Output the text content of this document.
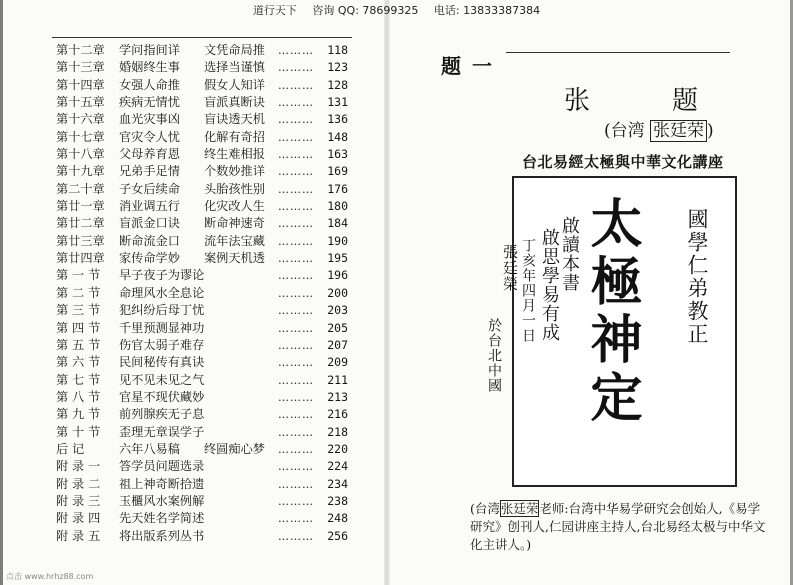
道行天下 咨询 QQ: 78699325 电话: 13833387384
第十二章 学问指间详 文凭命局推 ……… 118
第十三章 婚姻终生事 选择当谨慎 ……… 123
第十四章 女强人命推 假女人知详 ……… 128
第十五章 疾病无情忧 盲派真断诀 ……… 131
第十六章 血光灾事凶 盲诀透天机 ……… 136
第十七章 官灾令人忧 化解有奇招 ……… 148
第十八章 父母养育恩 终生难相报 ……… 163
第十九章 兄弟手足情 个数妙推详 ……… 169
第二十章 子女后续命 头胎孩性别 ……… 176
第廿一章 消业调五行 化灾改人生 ……… 180
第廿二章 盲派金口诀 断命神速奇 ……… 184
第廿三章 断命流金口 流年法宝藏 ……… 190
第廿四章 家传命学妙 案例天机透 ……… 195
第 一 节 早子夜子为谬论	……… 196
第 二 节 命理风水全息论	……… 200
第 三 节 犯纠纷后母丁忧	……… 203
第 四 节 千里预测显神功	……… 205
第 五 节 伤官太弱子难存	……… 207
第 六 节 民间秘传有真诀	……… 209
第 七 节 见不见未见之气	……… 211
第 八 节 官星不现伏藏妙	……… 213
第 九 节 前列腺疾无子息	……… 216
第 十 节 歪理无章误学子	……… 218
后 记	六年八易稿 终圆痴心梦 ……… 220
附 录 一 答学员问题选录	……… 224
附 录 二 祖上神奇断拾遗	……… 234
附 录 三 玉櫃风水案例解	……… 238
附 录 四 先天姓名学简述	……… 248
附 录 五 将出版系列丛书	……… 256
题 一
张	题
(台湾 张廷荣 )
座講化文華中與極太經易北台
太極神定	國學仁弟教正
啟讀本書
啟思學易有成
丁亥年四月一日
張廷榮
於台北中國
(台湾张廷荣老师:台湾中华易学研究会创始人,《易学研究》创刊人,仁园讲座主持人,台北易经太极与中华文化主讲人。)
点击 www.hrhz88.com
